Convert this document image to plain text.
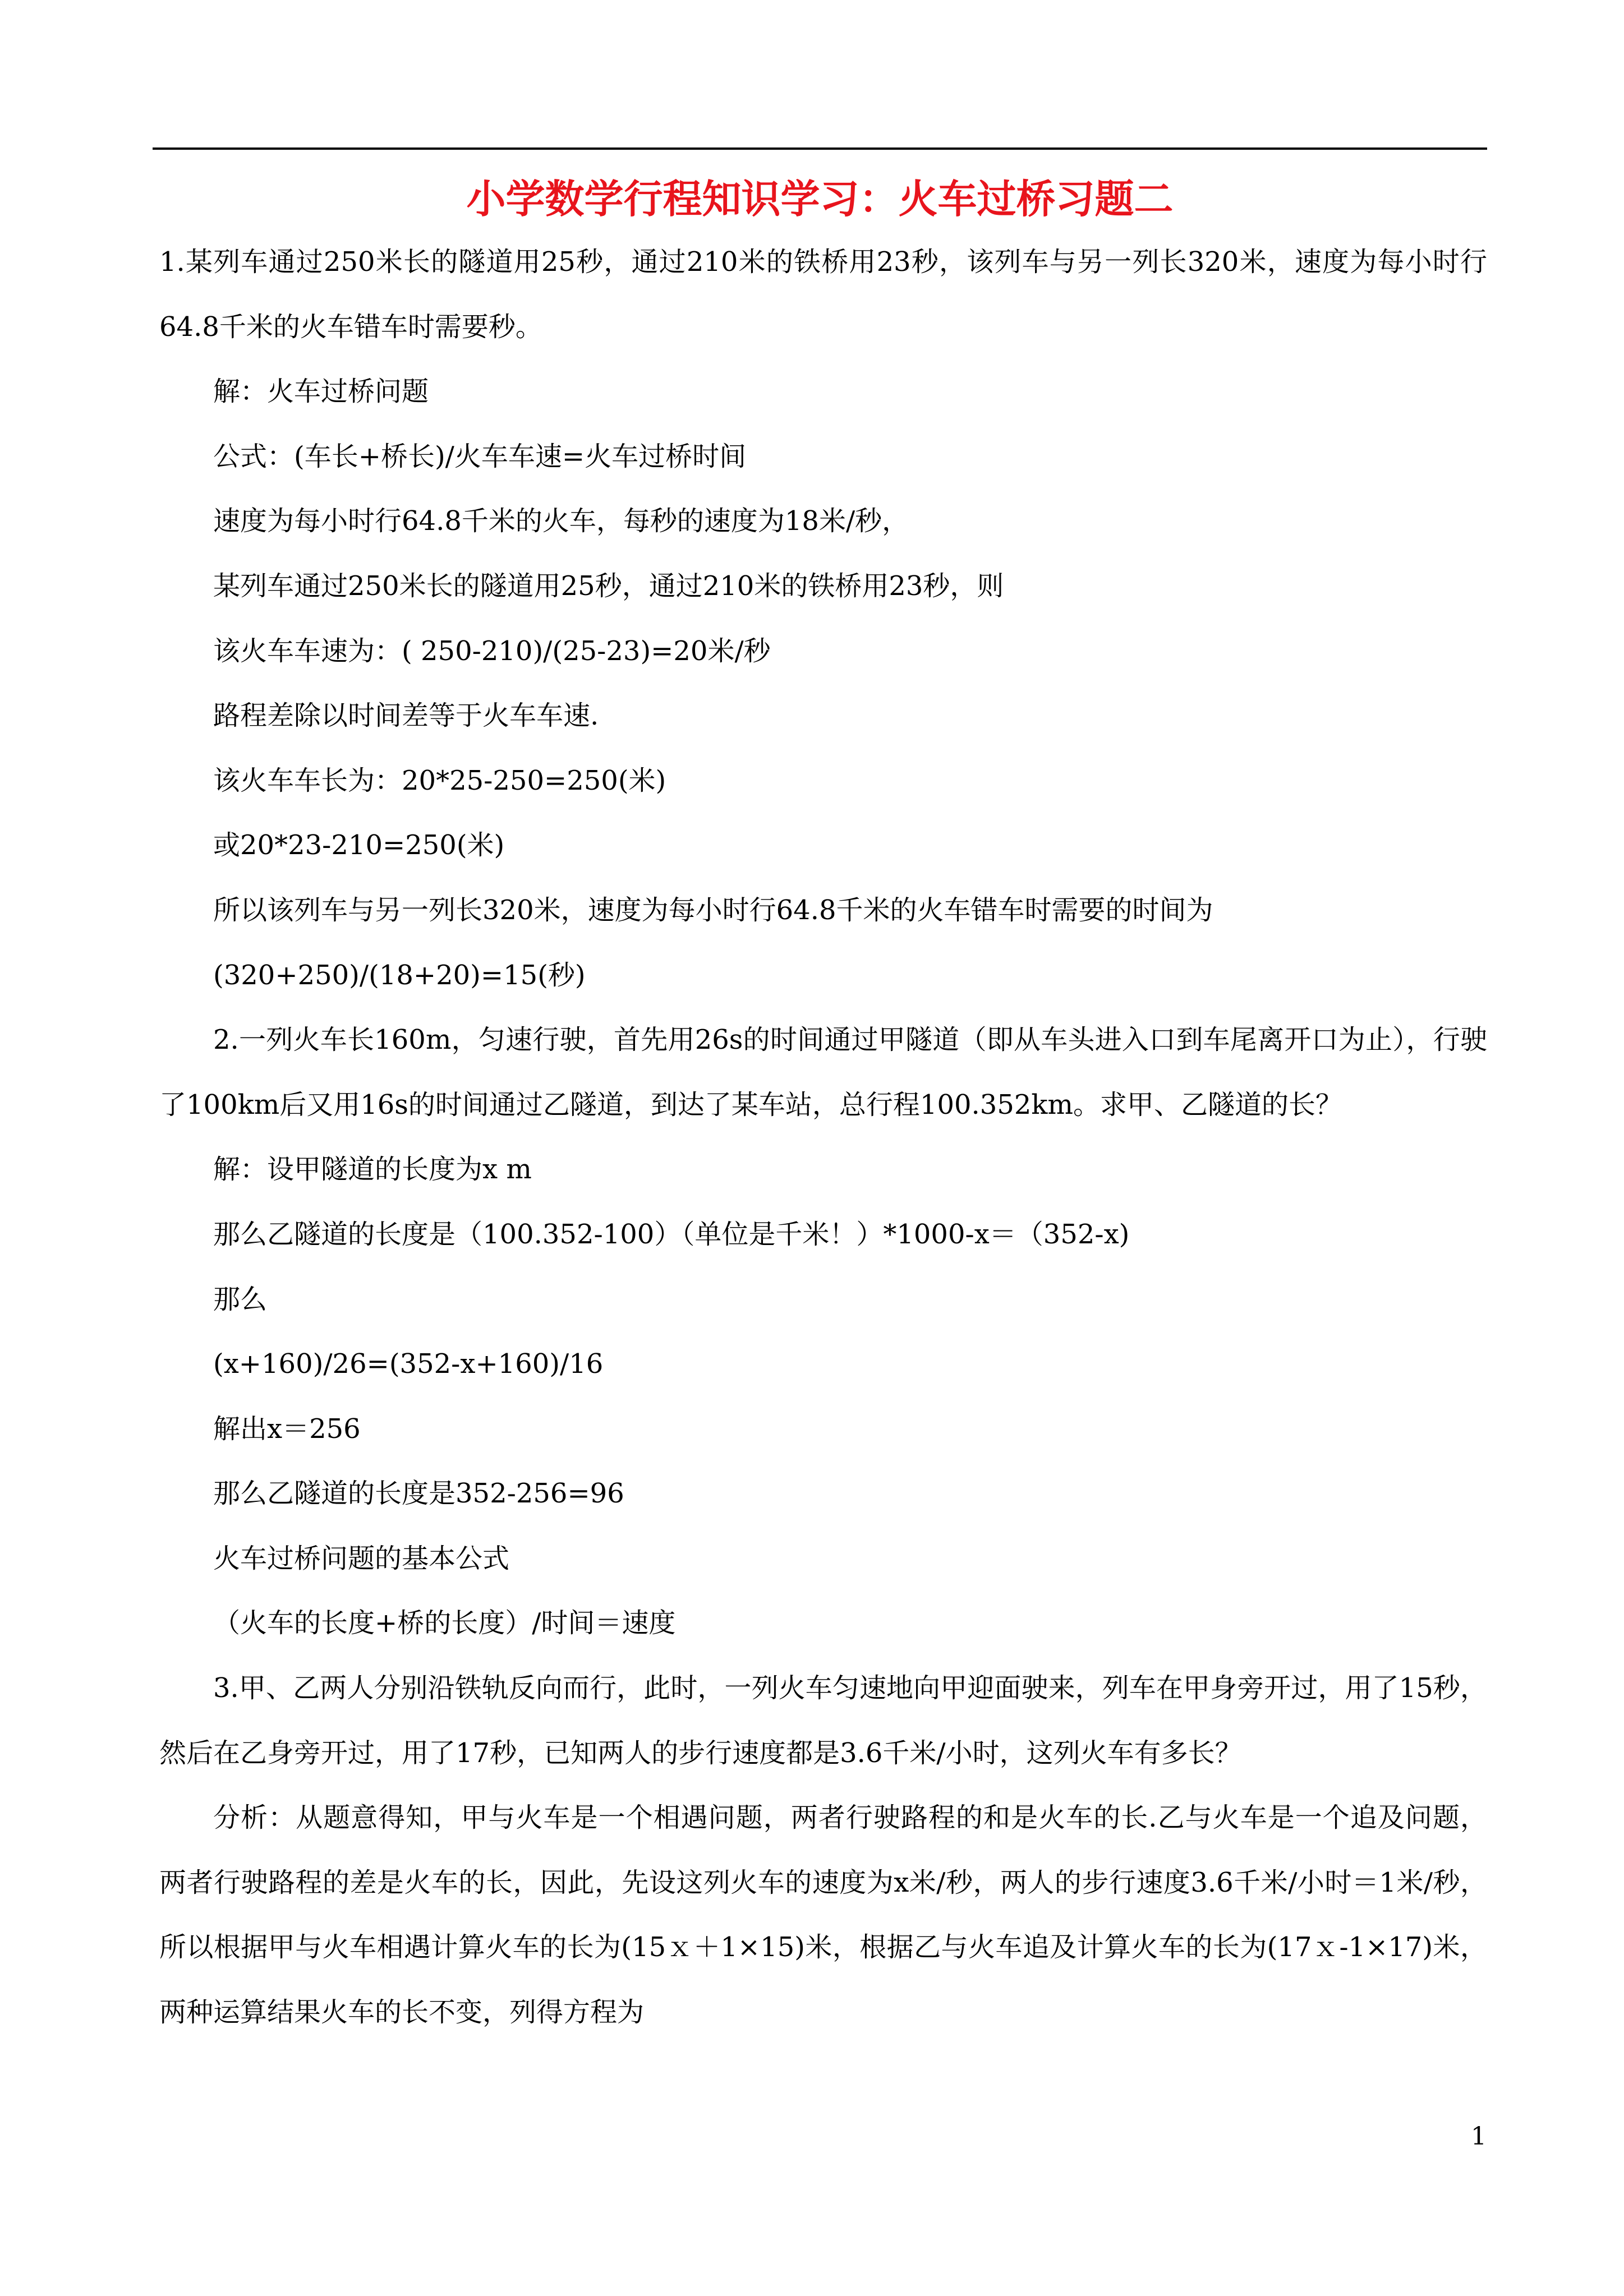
小学数学行程知识学习：火车过桥习题二

1.某列车通过250米长的隧道用25秒，通过210米的铁桥用23秒，该列车与另一列长320米，速度为每小时行64.8千米的火车错车时需要秒。

解：火车过桥问题

公式：(车长+桥长)/火车车速=火车过桥时间

速度为每小时行64.8千米的火车，每秒的速度为18米/秒，

某列车通过250米长的隧道用25秒，通过210米的铁桥用23秒，则

该火车车速为：( 250-210)/(25-23)=20米/秒

路程差除以时间差等于火车车速.

该火车车长为：20*25-250=250(米)

或20*23-210=250(米)

所以该列车与另一列长320米，速度为每小时行64.8千米的火车错车时需要的时间为

(320+250)/(18+20)=15(秒)

2.一列火车长160m，匀速行驶，首先用26s的时间通过甲隧道（即从车头进入口到车尾离开口为止），行驶了100km后又用16s的时间通过乙隧道，到达了某车站，总行程100.352km。求甲、乙隧道的长？

解：设甲隧道的长度为x m

那么乙隧道的长度是（100.352-100）（单位是千米！）*1000-x＝（352-x)

那么

(x+160)/26=(352-x+160)/16

解出x＝256

那么乙隧道的长度是352-256=96

火车过桥问题的基本公式

（火车的长度+桥的长度）/时间＝速度

3.甲、乙两人分别沿铁轨反向而行，此时，一列火车匀速地向甲迎面驶来，列车在甲身旁开过，用了15秒，然后在乙身旁开过，用了17秒，已知两人的步行速度都是3.6千米/小时，这列火车有多长？

分析：从题意得知，甲与火车是一个相遇问题，两者行驶路程的和是火车的长.乙与火车是一个追及问题，两者行驶路程的差是火车的长，因此，先设这列火车的速度为x米/秒，两人的步行速度3.6千米/小时＝1米/秒，所以根据甲与火车相遇计算火车的长为(15ｘ＋1×15)米，根据乙与火车追及计算火车的长为(17ｘ-1×17)米，两种运算结果火车的长不变，列得方程为

1
